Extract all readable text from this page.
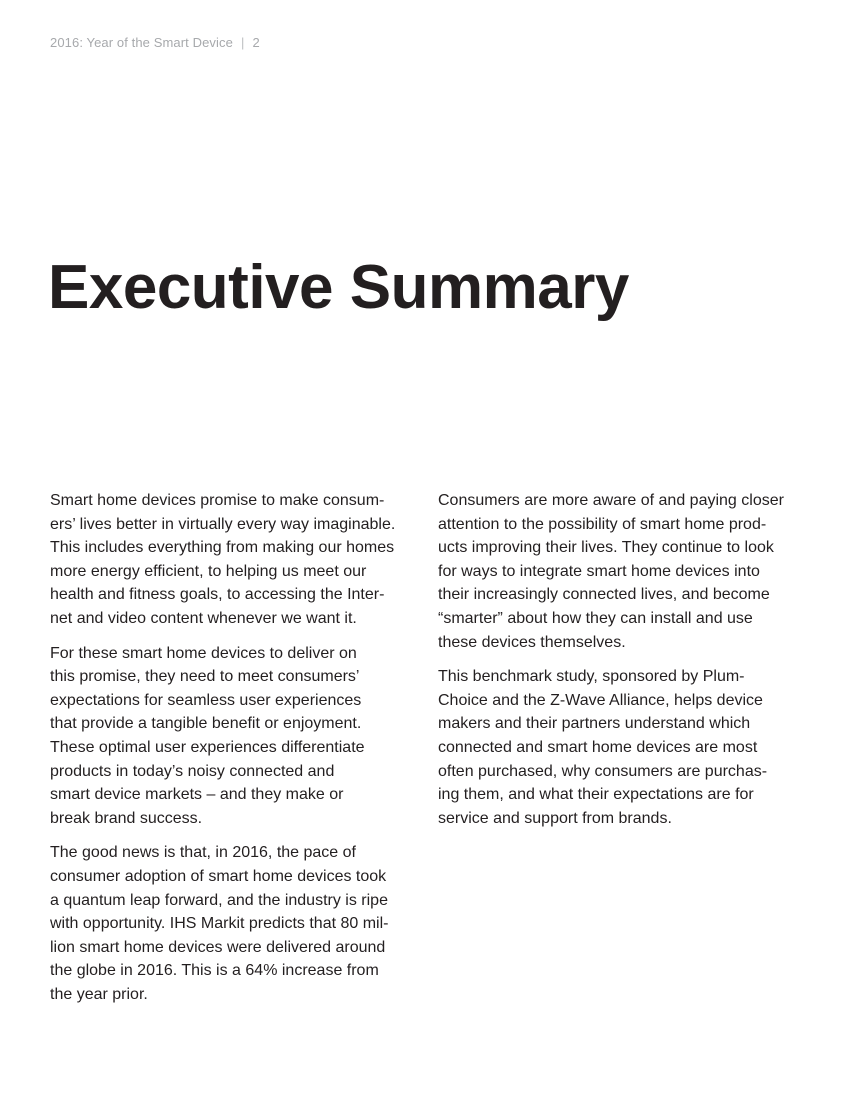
2016: Year of the Smart Device | 2
Executive Summary

Smart home devices promise to make consum-
ers’ lives better in virtually every way imaginable.
This includes everything from making our homes
more energy efficient, to helping us meet our
health and fitness goals, to accessing the Inter-
net and video content whenever we want it.

For these smart home devices to deliver on
this promise, they need to meet consumers’
expectations for seamless user experiences
that provide a tangible benefit or enjoyment.
These optimal user experiences differentiate
products in today’s noisy connected and
smart device markets – and they make or
break brand success.

The good news is that, in 2016, the pace of
consumer adoption of smart home devices took
a quantum leap forward, and the industry is ripe
with opportunity. IHS Markit predicts that 80 mil-
lion smart home devices were delivered around
the globe in 2016. This is a 64% increase from
the year prior.

Consumers are more aware of and paying closer
attention to the possibility of smart home prod-
ucts improving their lives. They continue to look
for ways to integrate smart home devices into
their increasingly connected lives, and become
“smarter” about how they can install and use
these devices themselves.

This benchmark study, sponsored by Plum-
Choice and the Z-Wave Alliance, helps device
makers and their partners understand which
connected and smart home devices are most
often purchased, why consumers are purchas-
ing them, and what their expectations are for
service and support from brands.
